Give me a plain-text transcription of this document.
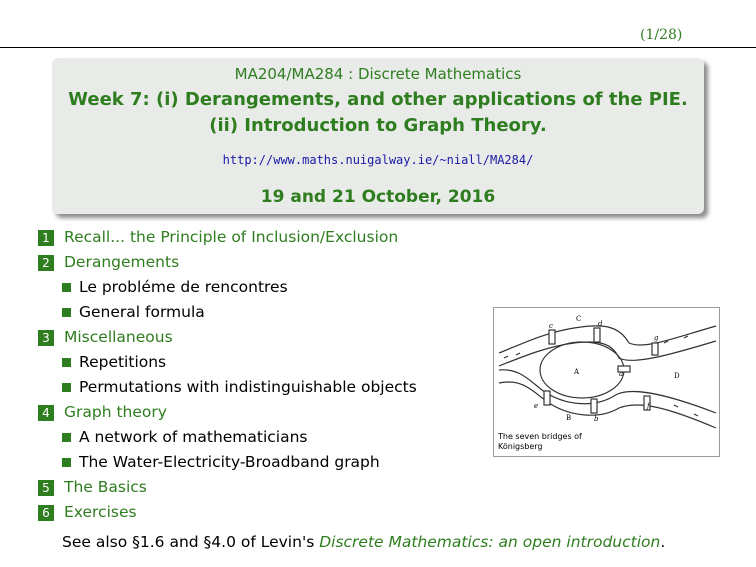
(1/28)
MA204/MA284 : Discrete Mathematics
Week 7: (i) Derangements, and other applications of the PIE.
(ii) Introduction to Graph Theory.
http://www.maths.nuigalway.ie/~niall/MA284/
19 and 21 October, 2016
1 Recall... the Principle of Inclusion/Exclusion
2 Derangements
Le probléme de rencontres
General formula
3 Miscellaneous
Repetitions
Permutations with indistinguishable objects
4 Graph theory
A network of mathematicians
The Water-Electricity-Broadband graph
5 The Basics
6 Exercises
C
A	D
B
c	d
g
e
a
b
f
The seven bridges of
Königsberg
See also §1.6 and §4.0 of Levin's Discrete Mathematics: an open introduction.
